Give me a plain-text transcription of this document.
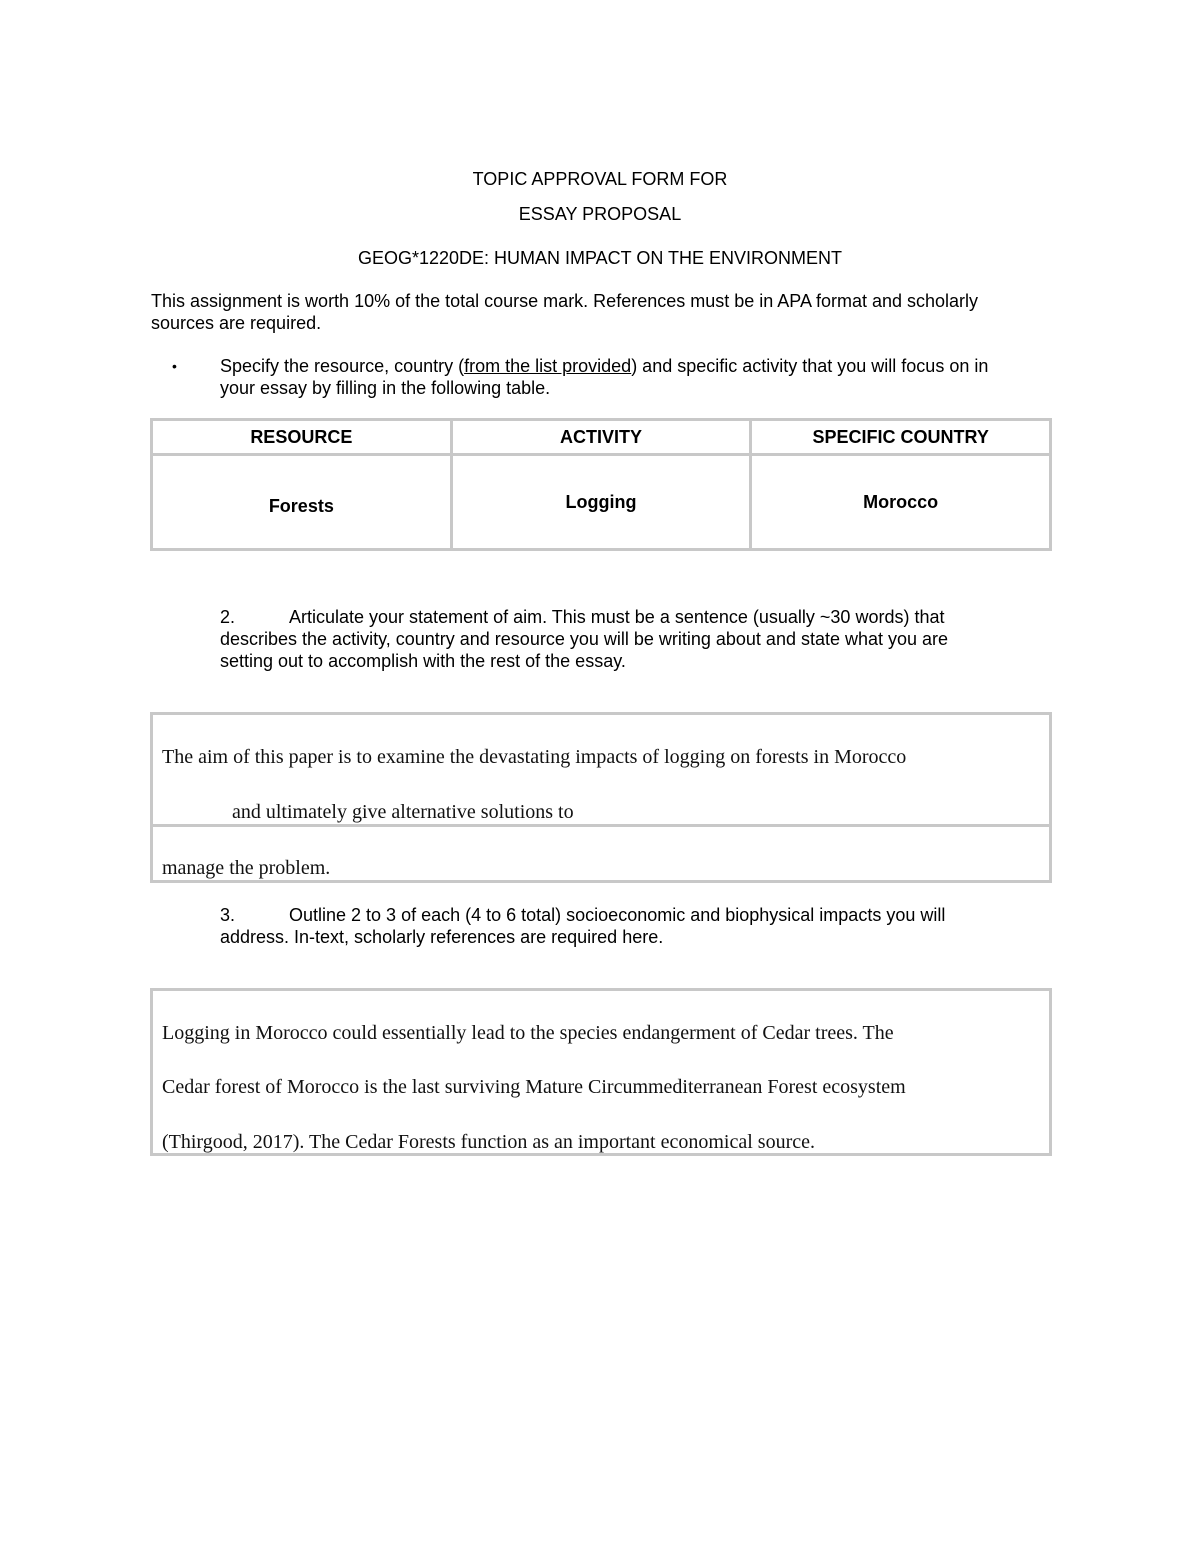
TOPIC APPROVAL FORM FOR
ESSAY PROPOSAL
GEOG*1220DE: HUMAN IMPACT ON THE ENVIRONMENT
This assignment is worth 10% of the total course mark. References must be in APA format and scholarly
sources are required.
• Specify the resource, country (from the list provided) and specific activity that you will focus on in
your essay by filling in the following table.
RESOURCE	ACTIVITY	SPECIFIC COUNTRY
Forests	Logging	Morocco
2.	Articulate your statement of aim. This must be a sentence (usually ~30 words) that
describes the activity, country and resource you will be writing about and state what you are
setting out to accomplish with the rest of the essay.
The aim of this paper is to examine the devastating impacts of logging on forests in Morocco
and ultimately give alternative solutions to
manage the problem.
3.	Outline 2 to 3 of each (4 to 6 total) socioeconomic and biophysical impacts you will
address. In-text, scholarly references are required here.
Logging in Morocco could essentially lead to the species endangerment of Cedar trees. The
Cedar forest of Morocco is the last surviving Mature Circummediterranean Forest ecosystem
(Thirgood, 2017). The Cedar Forests function as an important economical source.
